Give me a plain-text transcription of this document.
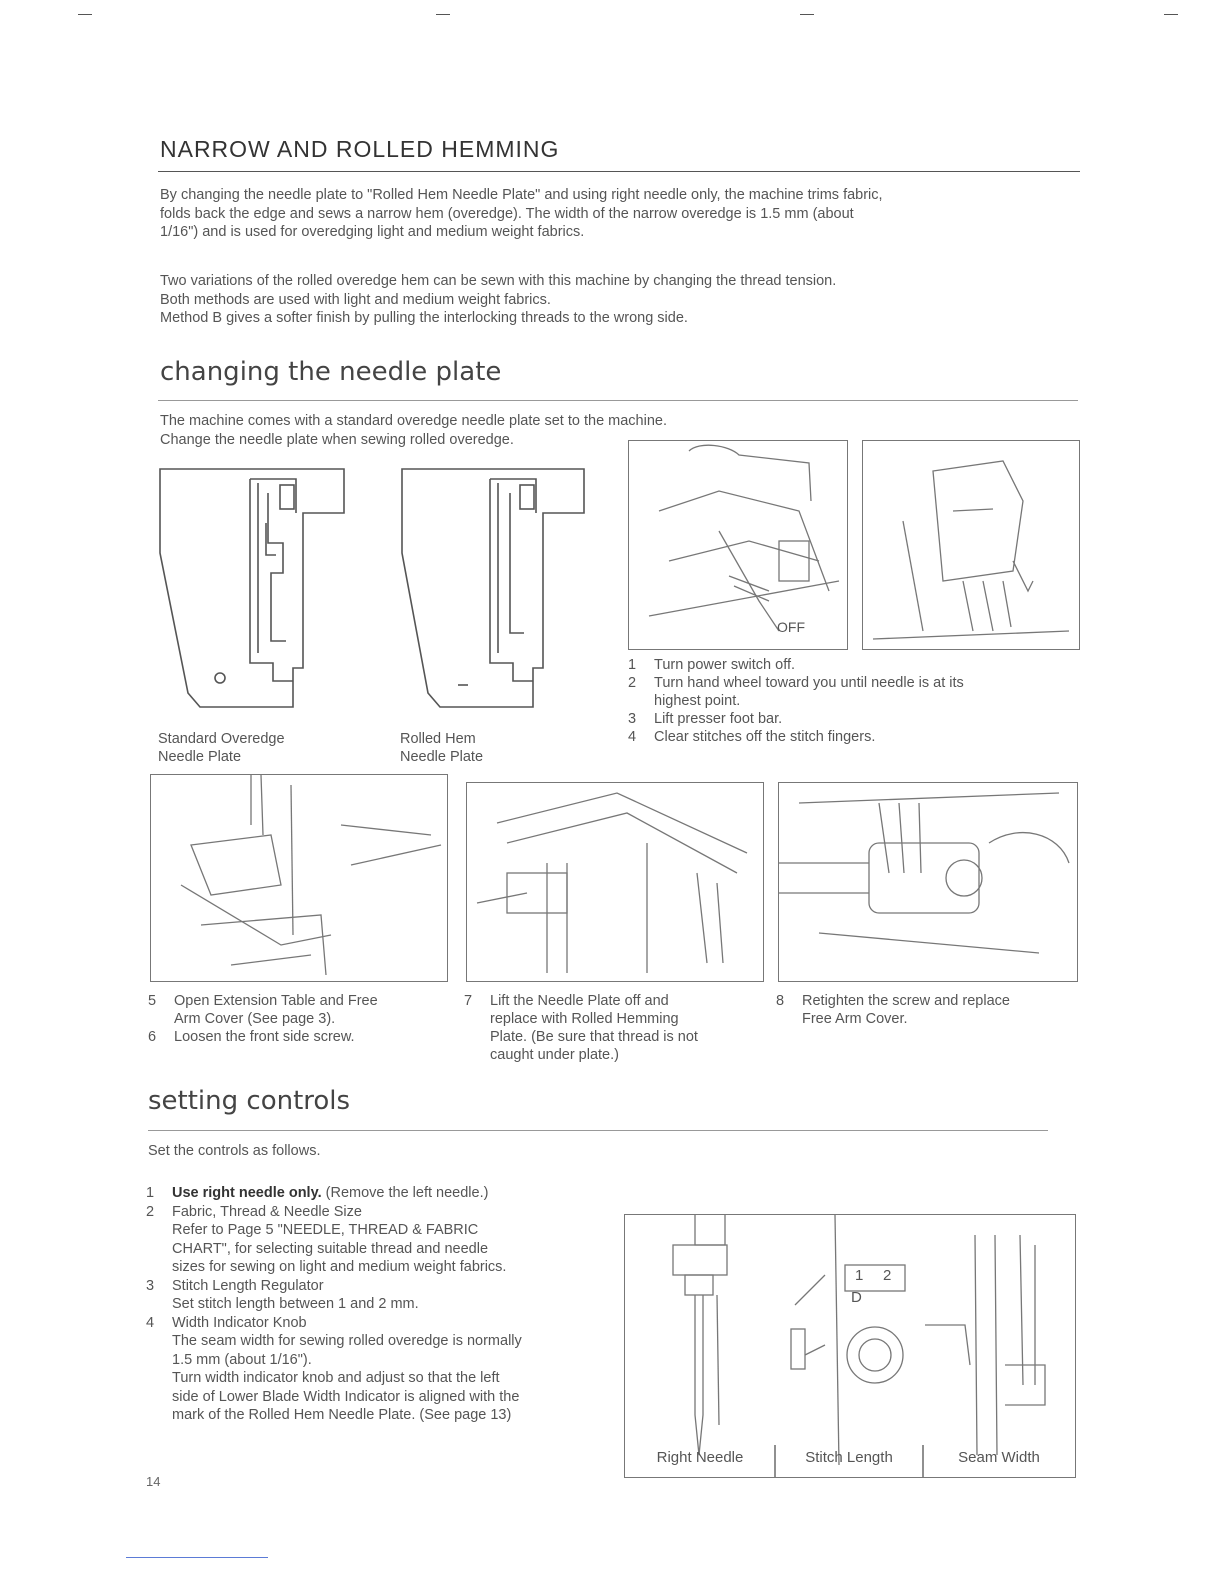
NARROW AND ROLLED HEMMING
By changing the needle plate to "Rolled Hem Needle Plate" and using right needle only, the machine trims fabric,
folds back the edge and sews a narrow hem (overedge). The width of the narrow overedge is 1.5 mm (about
1/16") and is used for overedging light and medium weight fabrics.
Two variations of the rolled overedge hem can be sewn with this machine by changing the thread tension.
Both methods are used with light and medium weight fabrics.
Method B gives a softer finish by pulling the interlocking threads to the wrong side.
changing the needle plate
The machine comes with a standard overedge needle plate set to the machine.
Change the needle plate when sewing rolled overedge.
Standard Overedge
Needle Plate
Rolled Hem
Needle Plate
OFF
1 Turn power switch off.
2 Turn hand wheel toward you until needle is at its
highest point.
3 Lift presser foot bar.
4 Clear stitches off the stitch fingers.
5 Open Extension Table and Free
Arm Cover (See page 3).
6 Loosen the front side screw.
7 Lift the Needle Plate off and
replace with Rolled Hemming
Plate. (Be sure that thread is not
caught under plate.)
8 Retighten the screw and replace
Free Arm Cover.
setting controls
Set the controls as follows.
1 Use right needle only. (Remove the left needle.)
2 Fabric, Thread & Needle Size
Refer to Page 5 "NEEDLE, THREAD & FABRIC
CHART", for selecting suitable thread and needle
sizes for sewing on light and medium weight fabrics.
3 Stitch Length Regulator
Set stitch length between 1 and 2 mm.
4 Width Indicator Knob
The seam width for sewing rolled overedge is normally
1.5 mm (about 1/16").
Turn width indicator knob and adjust so that the left
side of Lower Blade Width Indicator is aligned with the
mark of the Rolled Hem Needle Plate. (See page 13)
1 2
D
Right Needle	Stitch Length	Seam Width
14
